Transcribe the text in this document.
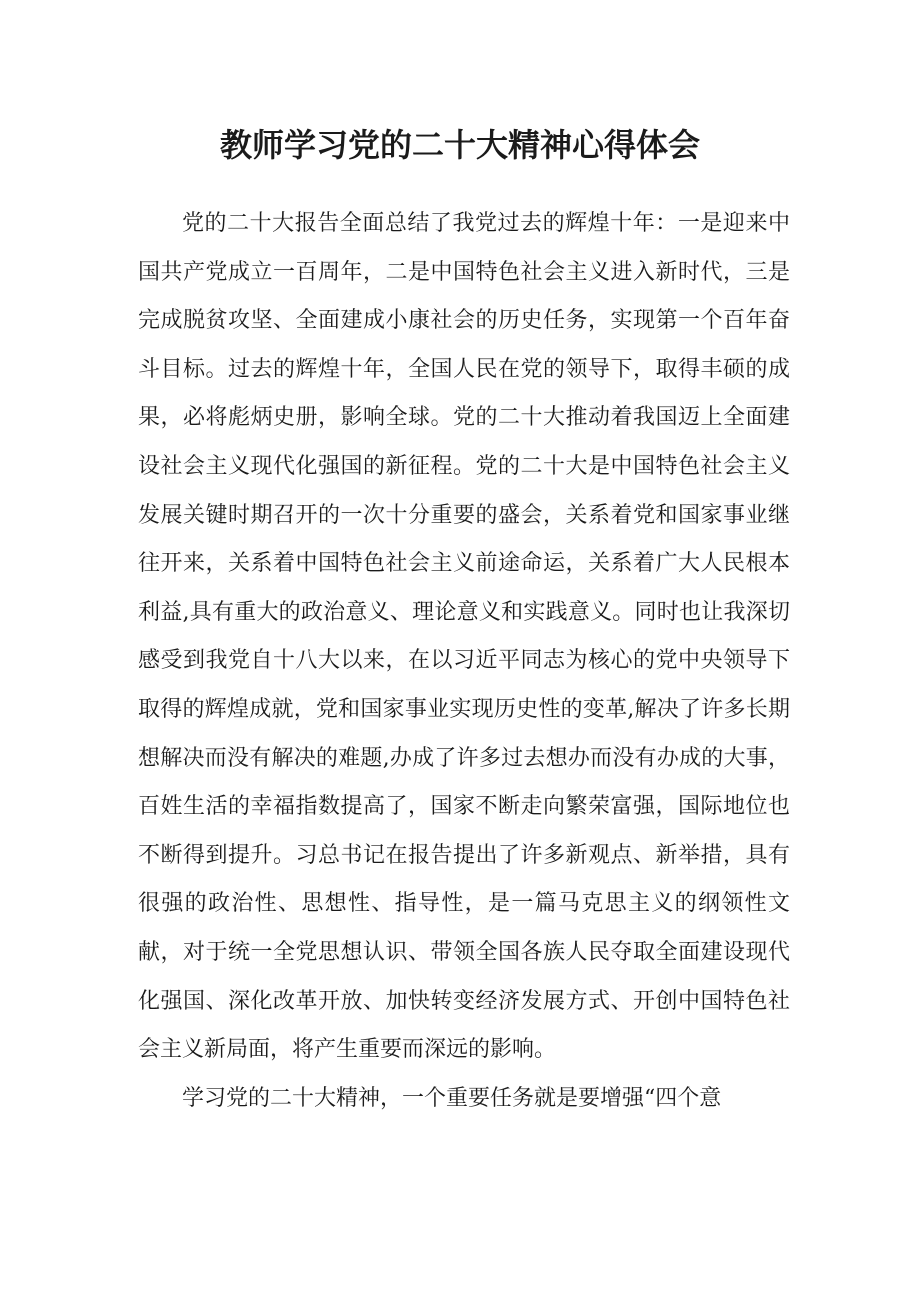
教师学习党的二十大精神心得体会

党的二十大报告全面总结了我党过去的辉煌十年：一是迎来中国共产党成立一百周年，二是中国特色社会主义进入新时代，三是完成脱贫攻坚、全面建成小康社会的历史任务，实现第一个百年奋斗目标。过去的辉煌十年，全国人民在党的领导下，取得丰硕的成果，必将彪炳史册，影响全球。党的二十大推动着我国迈上全面建设社会主义现代化强国的新征程。党的二十大是中国特色社会主义发展关键时期召开的一次十分重要的盛会，关系着党和国家事业继往开来，关系着中国特色社会主义前途命运，关系着广大人民根本利益,具有重大的政治意义、理论意义和实践意义。同时也让我深切感受到我党自十八大以来，在以习近平同志为核心的党中央领导下取得的辉煌成就，党和国家事业实现历史性的变革,解决了许多长期想解决而没有解决的难题,办成了许多过去想办而没有办成的大事，百姓生活的幸福指数提高了，国家不断走向繁荣富强，国际地位也不断得到提升。习总书记在报告提出了许多新观点、新举措，具有很强的政治性、思想性、指导性，是一篇马克思主义的纲领性文献，对于统一全党思想认识、带领全国各族人民夺取全面建设现代化强国、深化改革开放、加快转变经济发展方式、开创中国特色社会主义新局面，将产生重要而深远的影响。

学习党的二十大精神，一个重要任务就是要增强“四个意
